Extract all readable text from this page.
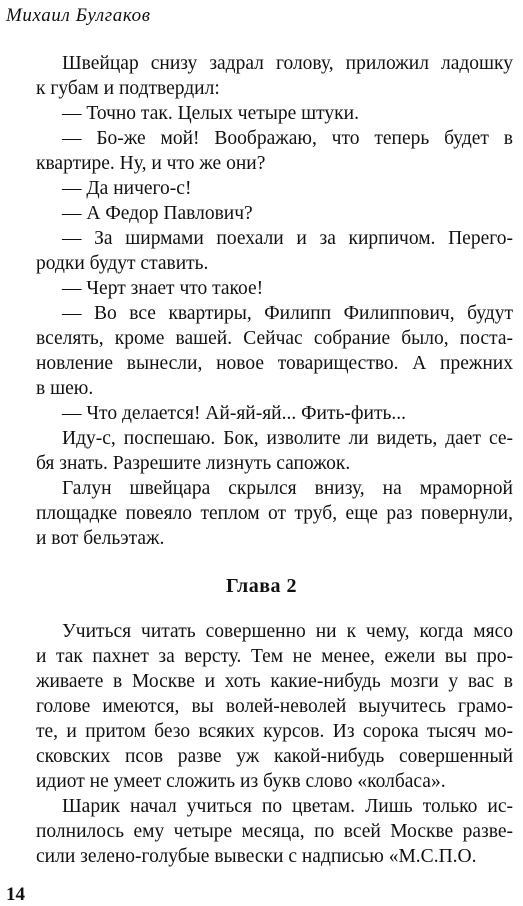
Михаил Булгаков
Швейцар снизу задрал голову, приложил ладошку
к губам и подтвердил:
— Точно так. Целых четыре штуки.
— Бо-же мой! Воображаю, что теперь будет в
квартире. Ну, и что же они?
— Да ничего-с!
— А Федор Павлович?
— За ширмами поехали и за кирпичом. Перего-
родки будут ставить.
— Черт знает что такое!
— Во все квартиры, Филипп Филиппович, будут
вселять, кроме вашей. Сейчас собрание было, поста-
новление вынесли, новое товарищество. А прежних
в шею.
— Что делается! Ай-яй-яй... Фить-фить...
Иду-с, поспешаю. Бок, изволите ли видеть, дает се-
бя знать. Разрешите лизнуть сапожок.
Галун швейцара скрылся внизу, на мраморной
площадке повеяло теплом от труб, еще раз повернули,
и вот бельэтаж.
Глава 2
Учиться читать совершенно ни к чему, когда мясо
и так пахнет за версту. Тем не менее, ежели вы про-
живаете в Москве и хоть какие-нибудь мозги у вас в
голове имеются, вы волей-неволей выучитесь грамо-
те, и притом безо всяких курсов. Из сорока тысяч мо-
сковских псов разве уж какой-нибудь совершенный
идиот не умеет сложить из букв слово «колбаса».
Шарик начал учиться по цветам. Лишь только ис-
полнилось ему четыре месяца, по всей Москве разве-
сили зелено-голубые вывески с надписью «М.С.П.О.
14
